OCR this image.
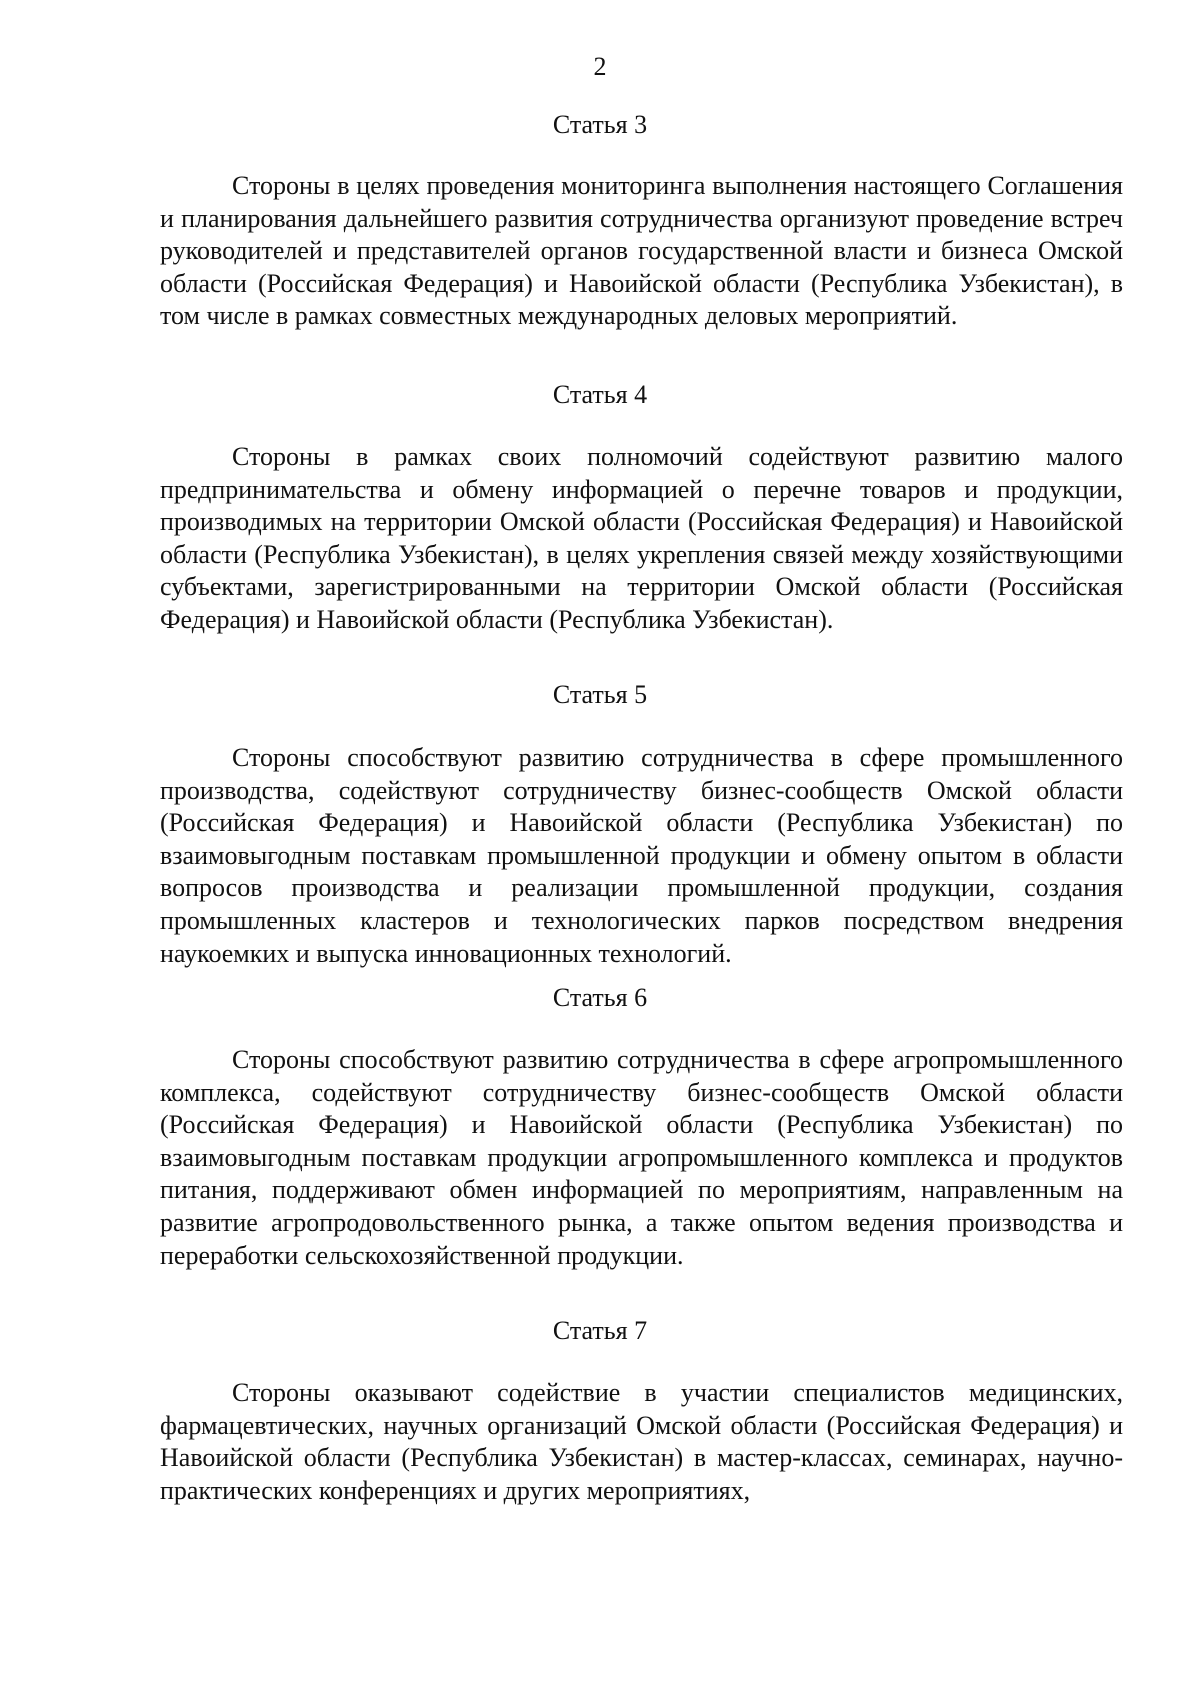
2

Статья 3

Стороны в целях проведения мониторинга выполнения настоящего Соглашения и планирования дальнейшего развития сотрудничества организуют проведение встреч руководителей и представителей органов государственной власти и бизнеса Омской области (Российская Федерация) и Навоийской области (Республика Узбекистан), в том числе в рамках совместных международных деловых мероприятий.

Статья 4

Стороны в рамках своих полномочий содействуют развитию малого предпринимательства и обмену информацией о перечне товаров и продукции, производимых на территории Омской области (Российская Федерация) и Навоийской области (Республика Узбекистан), в целях укрепления связей между хозяйствующими субъектами, зарегистрированными на территории Омской области (Российская Федерация) и Навоийской области (Республика Узбекистан).

Статья 5

Стороны способствуют развитию сотрудничества в сфере промышленного производства, содействуют сотрудничеству бизнес-сообществ Омской области (Российская Федерация) и Навоийской области (Республика Узбекистан) по взаимовыгодным поставкам промышленной продукции и обмену опытом в области вопросов производства и реализации промышленной продукции, создания промышленных кластеров и технологических парков посредством внедрения наукоемких и выпуска инновационных технологий.

Статья 6

Стороны способствуют развитию сотрудничества в сфере агропромышленного комплекса, содействуют сотрудничеству бизнес-сообществ Омской области (Российская Федерация) и Навоийской области (Республика Узбекистан) по взаимовыгодным поставкам продукции агропромышленного комплекса и продуктов питания, поддерживают обмен информацией по мероприятиям, направленным на развитие агропродовольственного рынка, а также опытом ведения производства и переработки сельскохозяйственной продукции.

Статья 7

Стороны оказывают содействие в участии специалистов медицинских, фармацевтических, научных организаций Омской области (Российская Федерация) и Навоийской области (Республика Узбекистан) в мастер-классах, семинарах, научно-практических конференциях и других мероприятиях,
